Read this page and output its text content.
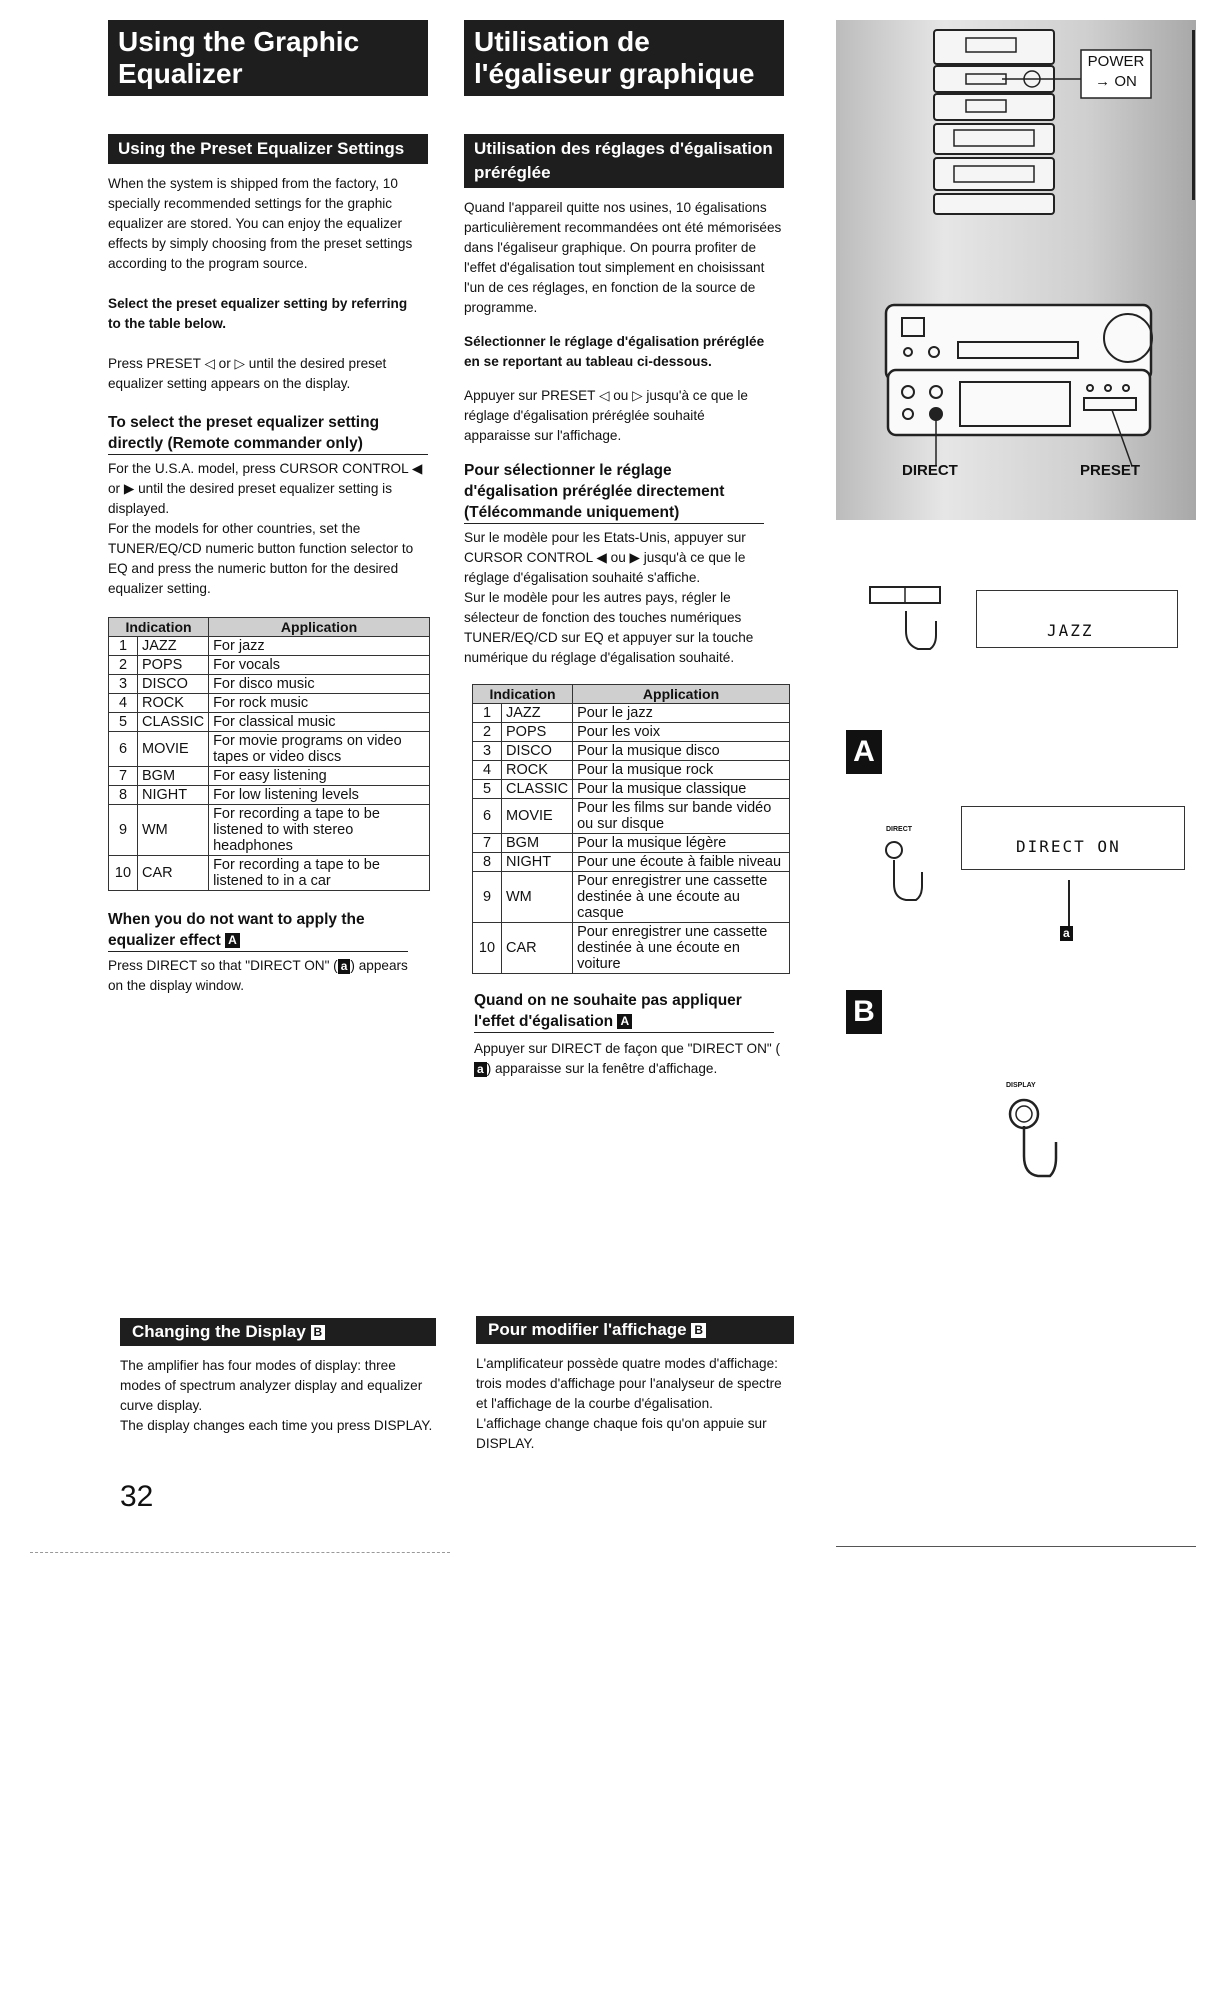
Using the Graphic Equalizer
Using the Preset Equalizer Settings

When the system is shipped from the factory, 10 specially recommended settings for the graphic equalizer are stored. You can enjoy the equalizer effects by simply choosing from the preset settings according to the program source.

Select the preset equalizer setting by referring to the table below.

Press PRESET ◁ or ▷ until the desired preset equalizer setting appears on the display.

To select the preset equalizer setting directly (Remote commander only)

For the U.S.A. model, press CURSOR CONTROL ◀ or ▶ until the desired preset equalizer setting is displayed.

For the models for other countries, set the TUNER/EQ/CD numeric button function selector to EQ and press the numeric button for the desired equalizer setting.

Indication		Application
1	JAZZ	For jazz
2	POPS	For vocals
3	DISCO	For disco music
4	ROCK	For rock music
5	CLASSIC	For classical music
6	MOVIE	For movie programs on video tapes or video discs
7	BGM	For easy listening
8	NIGHT	For low listening levels
9	WM	For recording a tape to be listened to with stereo headphones
10	CAR	For recording a tape to be listened to in a car
When you do not want to apply the equalizer effect A

Press DIRECT so that "DIRECT ON" ( a ) appears on the display window.

Changing the Display B

The amplifier has four modes of display: three modes of spectrum analyzer display and equalizer curve display.

The display changes each time you press DISPLAY.

32
Utilisation de l'égaliseur graphique
Utilisation des réglages d'égalisation préréglée

Quand l'appareil quitte nos usines, 10 égalisations particulièrement recommandées ont été mémorisées dans l'égaliseur graphique. On pourra profiter de l'effet d'égalisation tout simplement en choisissant l'un de ces réglages, en fonction de la source de programme.

Sélectionner le réglage d'égalisation préréglée en se reportant au tableau ci-dessous.

Appuyer sur PRESET ◁ ou ▷ jusqu'à ce que le réglage d'égalisation préréglée souhaité apparaisse sur l'affichage.

Pour sélectionner le réglage d'égalisation préréglée directement (Télécommande uniquement)

Sur le modèle pour les Etats-Unis, appuyer sur CURSOR CONTROL ◀ ou ▶ jusqu'à ce que le réglage d'égalisation souhaité s'affiche.

Sur le modèle pour les autres pays, régler le sélecteur de fonction des touches numériques TUNER/EQ/CD sur EQ et appuyer sur la touche numérique du réglage d'égalisation souhaité.

Indication		Application
1	JAZZ	Pour le jazz
2	POPS	Pour les voix
3	DISCO	Pour la musique disco
4	ROCK	Pour la musique rock
5	CLASSIC	Pour la musique classique
6	MOVIE	Pour les films sur bande vidéo ou sur disque
7	BGM	Pour la musique légère
8	NIGHT	Pour une écoute à faible niveau
9	WM	Pour enregistrer une cassette destinée à une écoute au casque
10	CAR	Pour enregistrer une cassette destinée à une écoute en voiture
Quand on ne souhaite pas appliquer l'effet d'égalisation A

Appuyer sur DIRECT de façon que "DIRECT ON" (a ) apparaisse sur la fenêtre d'affichage.

Pour modifier l'affichage B

L'amplificateur possède quatre modes d'affichage: trois modes d'affichage pour l'analyseur de spectre et l'affichage de la courbe d'égalisation.

L'affichage change chaque fois qu'on appuie sur DISPLAY.

POWER
→ ON
DIRECT	PRESET
JAZZ
A
DIRECT
DIRECT ON
a
B
DISPLAY
